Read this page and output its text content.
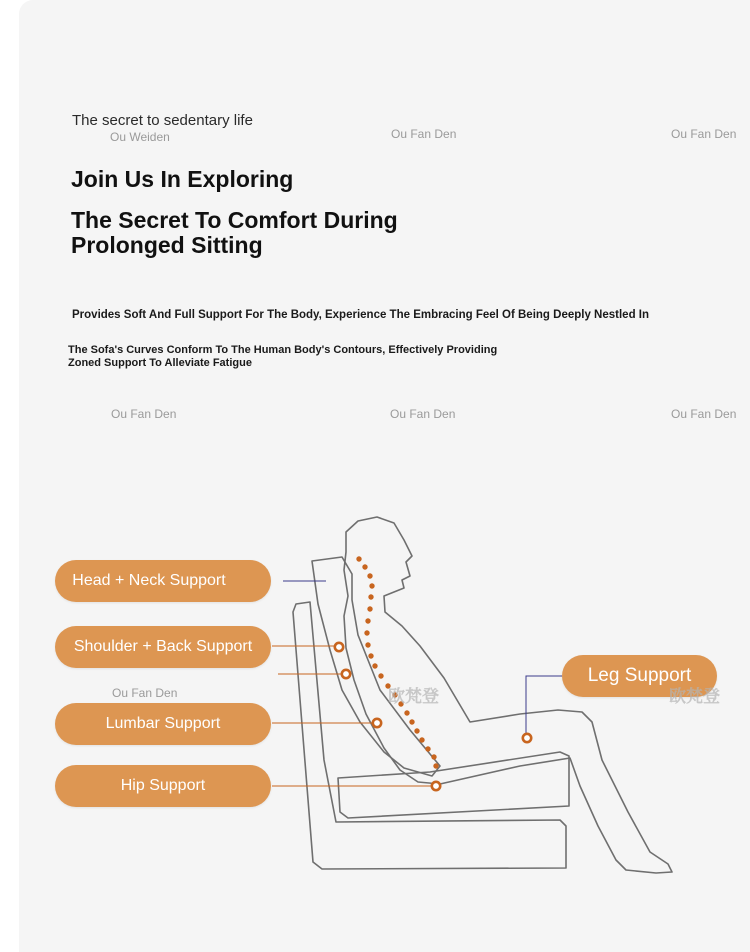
The secret to sedentary life
Ou Weiden	Ou Fan Den	Ou Fan Den
Join Us In Exploring
The Secret To Comfort During
Prolonged Sitting
Provides Soft And Full Support For The Body, Experience The Embracing Feel Of Being Deeply Nestled In
The Sofa's Curves Conform To The Human Body's Contours, Effectively Providing
Zoned Support To Alleviate Fatigue
Ou Fan Den	Ou Fan Den	Ou Fan Den
欧梵登
Head + Neck Support
Shoulder + Back Support
Ou Fan Den
Lumbar Support
Hip Support
Leg Support
欧梵登
